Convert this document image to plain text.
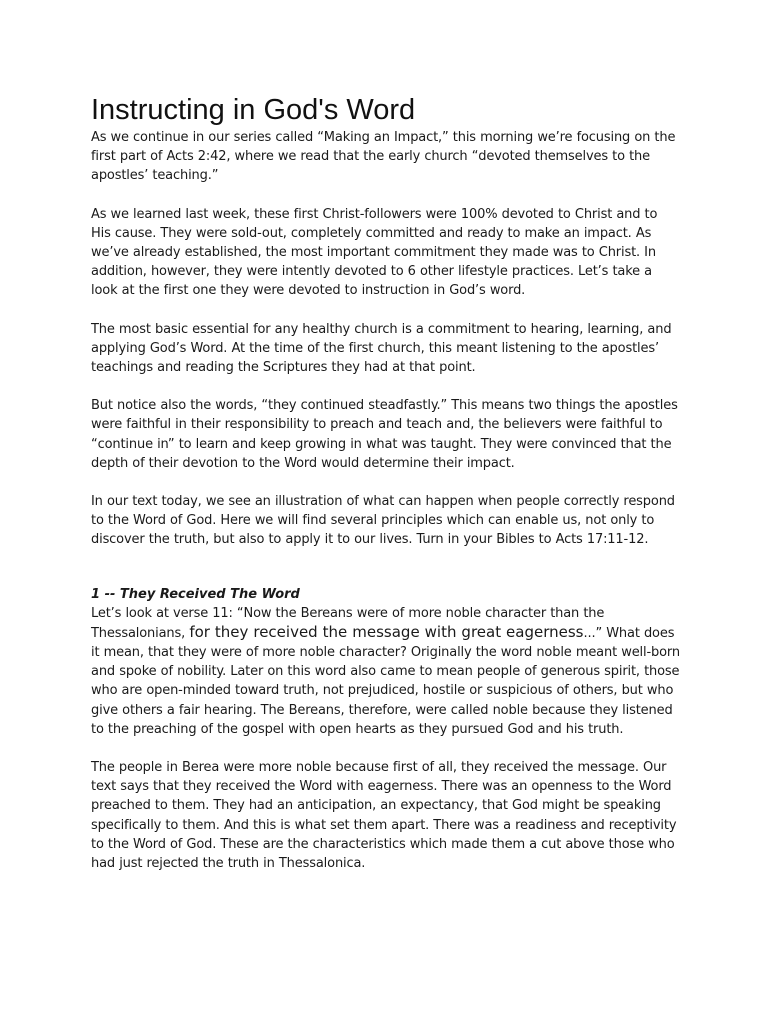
Instructing in God's Word

As we continue in our series called “Making an Impact,” this morning we’re focusing on the first part of Acts 2:42, where we read that the early church “devoted themselves to the apostles’ teaching.”

As we learned last week, these first Christ-followers were 100% devoted to Christ and to His cause. They were sold-out, completely committed and ready to make an impact. As we’ve already established, the most important commitment they made was to Christ. In addition, however, they were intently devoted to 6 other lifestyle practices. Let’s take a look at the first one they were devoted to instruction in God’s word.

The most basic essential for any healthy church is a commitment to hearing, learning, and applying God’s Word. At the time of the first church, this meant listening to the apostles’ teachings and reading the Scriptures they had at that point.

But notice also the words, “they continued steadfastly.” This means two things the apostles were faithful in their responsibility to preach and teach and, the believers were faithful to “continue in” to learn and keep growing in what was taught. They were convinced that the depth of their devotion to the Word would determine their impact.

In our text today, we see an illustration of what can happen when people correctly respond to the Word of God. Here we will find several principles which can enable us, not only to discover the truth, but also to apply it to our lives. Turn in your Bibles to Acts 17:11-12.

1 -- They Received The Word

Let’s look at verse 11: “Now the Bereans were of more noble character than the Thessalonians, for they received the message with great eagerness...” What does it mean, that they were of more noble character? Originally the word noble meant well-born and spoke of nobility. Later on this word also came to mean people of generous spirit, those who are open-minded toward truth, not prejudiced, hostile or suspicious of others, but who give others a fair hearing. The Bereans, therefore, were called noble because they listened to the preaching of the gospel with open hearts as they pursued God and his truth.

The people in Berea were more noble because first of all, they received the message. Our text says that they received the Word with eagerness. There was an openness to the Word preached to them. They had an anticipation, an expectancy, that God might be speaking specifically to them. And this is what set them apart. There was a readiness and receptivity to the Word of God. These are the characteristics which made them a cut above those who had just rejected the truth in Thessalonica.
